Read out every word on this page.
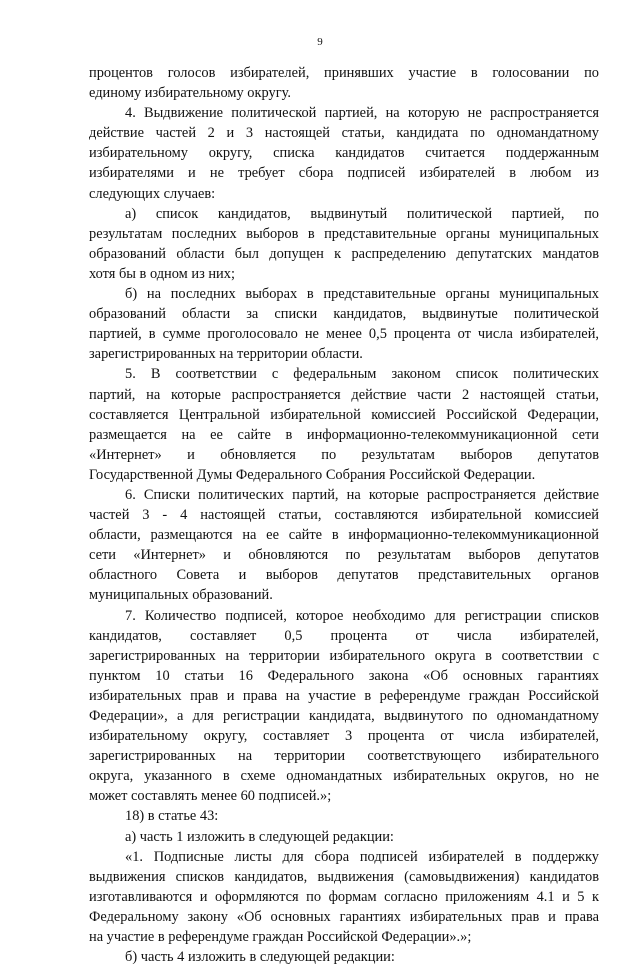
9
процентов голосов избирателей, принявших участие в голосовании по
единому избирательному округу.
4. Выдвижение политической партией, на которую не распространяется
действие частей 2 и 3 настоящей статьи, кандидата по одномандатному
избирательному округу, списка кандидатов считается поддержанным
избирателями и не требует сбора подписей избирателей в любом из
следующих случаев:
а) список кандидатов, выдвинутый политической партией, по
результатам последних выборов в представительные органы муниципальных
образований области был допущен к распределению депутатских мандатов
хотя бы в одном из них;
б) на последних выборах в представительные органы муниципальных
образований области за списки кандидатов, выдвинутые политической
партией, в сумме проголосовало не менее 0,5 процента от числа избирателей,
зарегистрированных на территории области.
5. В соответствии с федеральным законом список политических
партий, на которые распространяется действие части 2 настоящей статьи,
составляется Центральной избирательной комиссией Российской Федерации,
размещается на ее сайте в информационно-телекоммуникационной сети
«Интернет» и обновляется по результатам выборов депутатов
Государственной Думы Федерального Собрания Российской Федерации.
6. Списки политических партий, на которые распространяется действие
частей 3 - 4 настоящей статьи, составляются избирательной комиссией
области, размещаются на ее сайте в информационно-телекоммуникационной
сети «Интернет» и обновляются по результатам выборов депутатов
областного Совета и выборов депутатов представительных органов
муниципальных образований.
7. Количество подписей, которое необходимо для регистрации списков
кандидатов, составляет 0,5 процента от числа избирателей,
зарегистрированных на территории избирательного округа в соответствии с
пунктом 10 статьи 16 Федерального закона «Об основных гарантиях
избирательных прав и права на участие в референдуме граждан Российской
Федерации», а для регистрации кандидата, выдвинутого по одномандатному
избирательному округу, составляет 3 процента от числа избирателей,
зарегистрированных на территории соответствующего избирательного
округа, указанного в схеме одномандатных избирательных округов, но не
может составлять менее 60 подписей.»;
18) в статье 43:
а) часть 1 изложить в следующей редакции:
«1. Подписные листы для сбора подписей избирателей в поддержку
выдвижения списков кандидатов, выдвижения (самовыдвижения) кандидатов
изготавливаются и оформляются по формам согласно приложениям 4.1 и 5 к
Федеральному закону «Об основных гарантиях избирательных прав и права
на участие в референдуме граждан Российской Федерации».»;
б) часть 4 изложить в следующей редакции:
